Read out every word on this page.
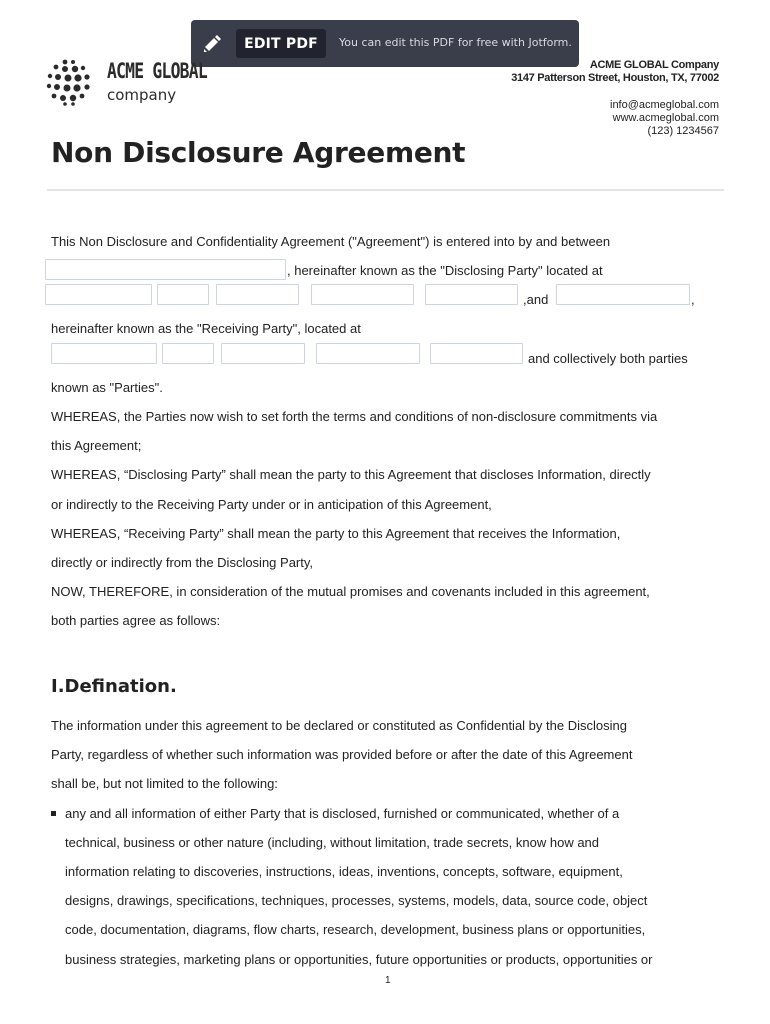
EDIT PDF	You can edit this PDF for free with Jotform.
ACME GLOBAL
company
ACME GLOBAL Company
3147 Patterson Street, Houston, TX, 77002
info@acmeglobal.com
www.acmeglobal.com
(123) 1234567
Non Disclosure Agreement
This Non Disclosure and Confidentiality Agreement ("Agreement") is entered into by and between
, hereinafter known as the "Disclosing Party" located at
,and	,
hereinafter known as the "Receiving Party", located at
and collectively both parties
known as "Parties".
WHEREAS, the Parties now wish to set forth the terms and conditions of non-disclosure commitments via
this Agreement;
WHEREAS, “Disclosing Party” shall mean the party to this Agreement that discloses Information, directly
or indirectly to the Receiving Party under or in anticipation of this Agreement,
WHEREAS, “Receiving Party” shall mean the party to this Agreement that receives the Information,
directly or indirectly from the Disclosing Party,
NOW, THEREFORE, in consideration of the mutual promises and covenants included in this agreement,
both parties agree as follows:
I.Defination.
The information under this agreement to be declared or constituted as Confidential by the Disclosing
Party, regardless of whether such information was provided before or after the date of this Agreement
shall be, but not limited to the following:
any and all information of either Party that is disclosed, furnished or communicated, whether of a
technical, business or other nature (including, without limitation, trade secrets, know how and
information relating to discoveries, instructions, ideas, inventions, concepts, software, equipment,
designs, drawings, specifications, techniques, processes, systems, models, data, source code, object
code, documentation, diagrams, flow charts, research, development, business plans or opportunities,
business strategies, marketing plans or opportunities, future opportunities or products, opportunities or
1
